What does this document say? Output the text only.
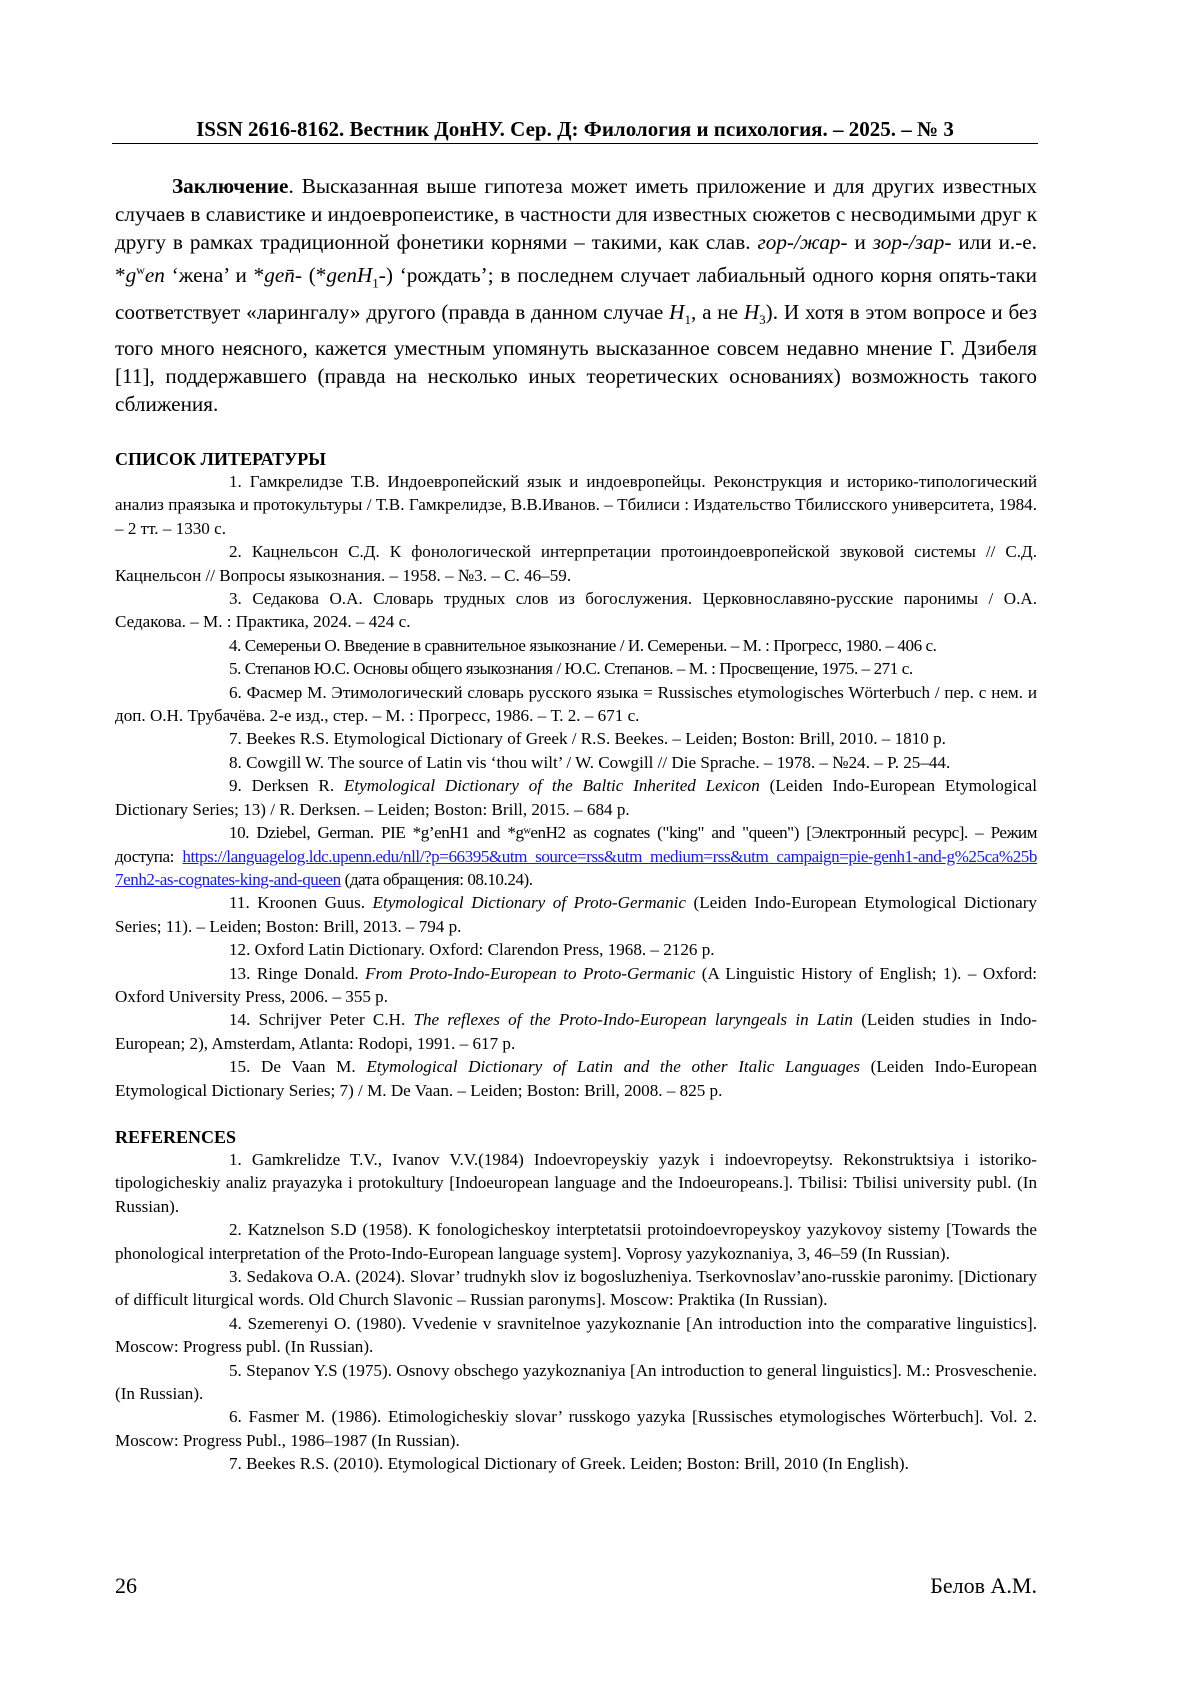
ISSN 2616-8162. Вестник ДонНУ. Сер. Д: Филология и психология. – 2025. – № 3

Заключение. Высказанная выше гипотеза может иметь приложение и для других известных случаев в славистике и индоевропеистике, в частности для известных сюжетов с несводимыми друг к другу в рамках традиционной фонетики корнями – такими, как слав. гор-/жар- и зор-/зар- или и.-е. $*g^wen$ ‘жена’ и *gen̄- (*genH$_1$-) ‘рождать’; в последнем случает лабиальный одного корня опять-таки соответствует «ларингалу» другого (правда в данном случае $H_1$, а не $H_3$). И хотя в этом вопросе и без того много неясного, кажется уместным упомянуть высказанное совсем недавно мнение Г. Дзибеля [11], поддержавшего (правда на несколько иных теоретических основаниях) возможность такого сближения.

СПИСОК ЛИТЕРАТУРЫ

1. Гамкрелидзе Т.В. Индоевропейский язык и индоевропейцы. Реконструкция и историко-типологический анализ праязыка и протокультуры / Т.В. Гамкрелидзе, В.В.Иванов. – Тбилиси : Издательство Тбилисского университета, 1984. – 2 тт. – 1330 с.

2. Кацнельсон С.Д. К фонологической интерпретации протоиндоевропейской звуковой системы // С.Д. Кацнельсон // Вопросы языкознания. – 1958. – №3. – С. 46–59.

3. Седакова О.А. Словарь трудных слов из богослужения. Церковнославяно-русские паронимы / О.А. Седакова. – М. : Практика, 2024. – 424 с.

4. Семереньи О. Введение в сравнительное языкознание / И. Семереньи. – М. : Прогресс, 1980. – 406 с.

5. Степанов Ю.С. Основы общего языкознания / Ю.С. Степанов. – М. : Просвещение, 1975. – 271 с.

6. Фасмер М. Этимологический словарь русского языка = Russisches etymologisches Wörterbuch / пер. с нем. и доп. О.Н. Трубачёва. 2-е изд., стер. – М. : Прогресс, 1986. – Т. 2. – 671 с.

7. Beekes R.S. Etymological Dictionary of Greek / R.S. Beekes. – Leiden; Boston: Brill, 2010. – 1810 p.

8. Cowgill W. The source of Latin vis ‘thou wilt’ / W. Cowgill // Die Sprache. – 1978. – №24. – P. 25–44.

9. Derksen R. Etymological Dictionary of the Baltic Inherited Lexicon (Leiden Indo-European Etymological Dictionary Series; 13) / R. Derksen. – Leiden; Boston: Brill, 2015. – 684 p.

10. Dziebel, German. PIE *g’enH1 and *gʷenH2 as cognates ("king" and "queen") [Электронный ресурс]. – Режим доступа: https://languagelog.ldc.upenn.edu/nll/?p=66395&utm_source=rss&utm_medium=rss&utm_campaign=pie-genh1-and-g%25ca%25b7enh2-as-cognates-king-and-queen (дата обращения: 08.10.24).

11. Kroonen Guus. Etymological Dictionary of Proto-Germanic (Leiden Indo-European Etymological Dictionary Series; 11). – Leiden; Boston: Brill, 2013. – 794 p.

12. Oxford Latin Dictionary. Oxford: Clarendon Press, 1968. – 2126 p.

13. Ringe Donald. From Proto-Indo-European to Proto-Germanic (A Linguistic History of English; 1). – Oxford: Oxford University Press, 2006. – 355 p.

14. Schrijver Peter C.H. The reflexes of the Proto-Indo-European laryngeals in Latin (Leiden studies in Indo-European; 2), Amsterdam, Atlanta: Rodopi, 1991. – 617 p.

15. De Vaan M. Etymological Dictionary of Latin and the other Italic Languages (Leiden Indo-European Etymological Dictionary Series; 7) / M. De Vaan. – Leiden; Boston: Brill, 2008. – 825 p.

REFERENCES

1. Gamkrelidze T.V., Ivanov V.V.(1984) Indoevropeyskiy yazyk i indoevropeytsy. Rekonstruktsiya i istoriko-tipologicheskiy analiz prayazyka i protokultury [Indoeuropean language and the Indoeuropeans.]. Tbilisi: Tbilisi university publ. (In Russian).

2. Katznelson S.D (1958). K fonologicheskoy interptetatsii protoindoevropeyskoy yazykovoy sistemy [Towards the phonological interpretation of the Proto-Indo-European language system]. Voprosy yazykoznaniya, 3, 46–59 (In Russian).

3. Sedakova O.A. (2024). Slovar’ trudnykh slov iz bogosluzheniya. Tserkovnoslav’ano-russkie paronimy. [Dictionary of difficult liturgical words. Old Church Slavonic – Russian paronyms]. Moscow: Praktika (In Russian).

4. Szemerenyi O. (1980). Vvedenie v sravnitelnoe yazykoznanie [An introduction into the comparative linguistics]. Moscow: Progress publ. (In Russian).

5. Stepanov Y.S (1975). Osnovy obschego yazykoznaniya [An introduction to general linguistics]. M.: Prosveschenie. (In Russian).

6. Fasmer M. (1986). Etimologicheskiy slovar’ russkogo yazyka [Russisches etymologisches Wörterbuch]. Vol. 2. Moscow: Progress Publ., 1986–1987 (In Russian).

7. Beekes R.S. (2010). Etymological Dictionary of Greek. Leiden; Boston: Brill, 2010 (In English).

26	Белов А.М.
